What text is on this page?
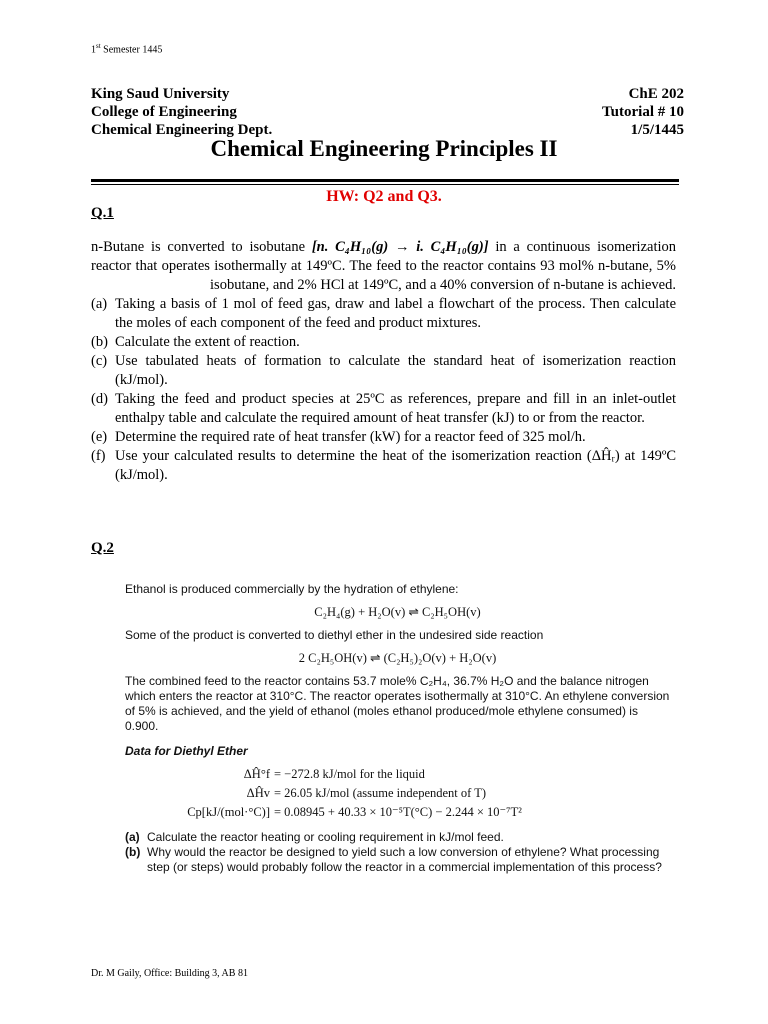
1st Semester 1445
King Saud University
College of Engineering
Chemical Engineering Dept.
ChE 202
Tutorial # 10
1/5/1445
Chemical Engineering Principles II
HW: Q2 and Q3.
Q.1

n-Butane is converted to isobutane [n. C₄H₁₀(g) → i. C₄H₁₀(g)] in a continuous isomerization reactor that operates isothermally at 149ºC. The feed to the reactor contains 93 mol% n-butane, 5% isobutane, and 2% HCl at 149ºC, and a 40% conversion of n-butane is achieved.

(a) Taking a basis of 1 mol of feed gas, draw and label a flowchart of the process. Then calculate the moles of each component of the feed and product mixtures.
(b) Calculate the extent of reaction.
(c) Use tabulated heats of formation to calculate the standard heat of isomerization reaction (kJ/mol).
(d) Taking the feed and product species at 25ºC as references, prepare and fill in an inlet-outlet enthalpy table and calculate the required amount of heat transfer (kJ) to or from the reactor.
(e) Determine the required rate of heat transfer (kW) for a reactor feed of 325 mol/h.
(f) Use your calculated results to determine the heat of the isomerization reaction (ΔĤᵣ) at 149ºC (kJ/mol).
Q.2

Ethanol is produced commercially by the hydration of ethylene:

C₂H₄(g) + H₂O(v) ⇌ C₂H₅OH(v)

Some of the product is converted to diethyl ether in the undesired side reaction

2 C₂H₅OH(v) ⇌ (C₂H₅)₂O(v) + H₂O(v)

The combined feed to the reactor contains 53.7 mole% C₂H₄, 36.7% H₂O and the balance nitrogen which enters the reactor at 310°C. The reactor operates isothermally at 310°C. An ethylene conversion of 5% is achieved, and the yield of ethanol (moles ethanol produced/mole ethylene consumed) is 0.900.

Data for Diethyl Ether

ΔĤ°f = −272.8 kJ/mol for the liquid
ΔĤv = 26.05 kJ/mol (assume independent of T)
Cp[kJ/(mol·°C)] = 0.08945 + 40.33 × 10⁻⁵T(°C) − 2.244 × 10⁻⁷T²
(a) Calculate the reactor heating or cooling requirement in kJ/mol feed.
(b) Why would the reactor be designed to yield such a low conversion of ethylene? What processing step (or steps) would probably follow the reactor in a commercial implementation of this process?
Dr. M Gaily, Office: Building 3, AB 81
